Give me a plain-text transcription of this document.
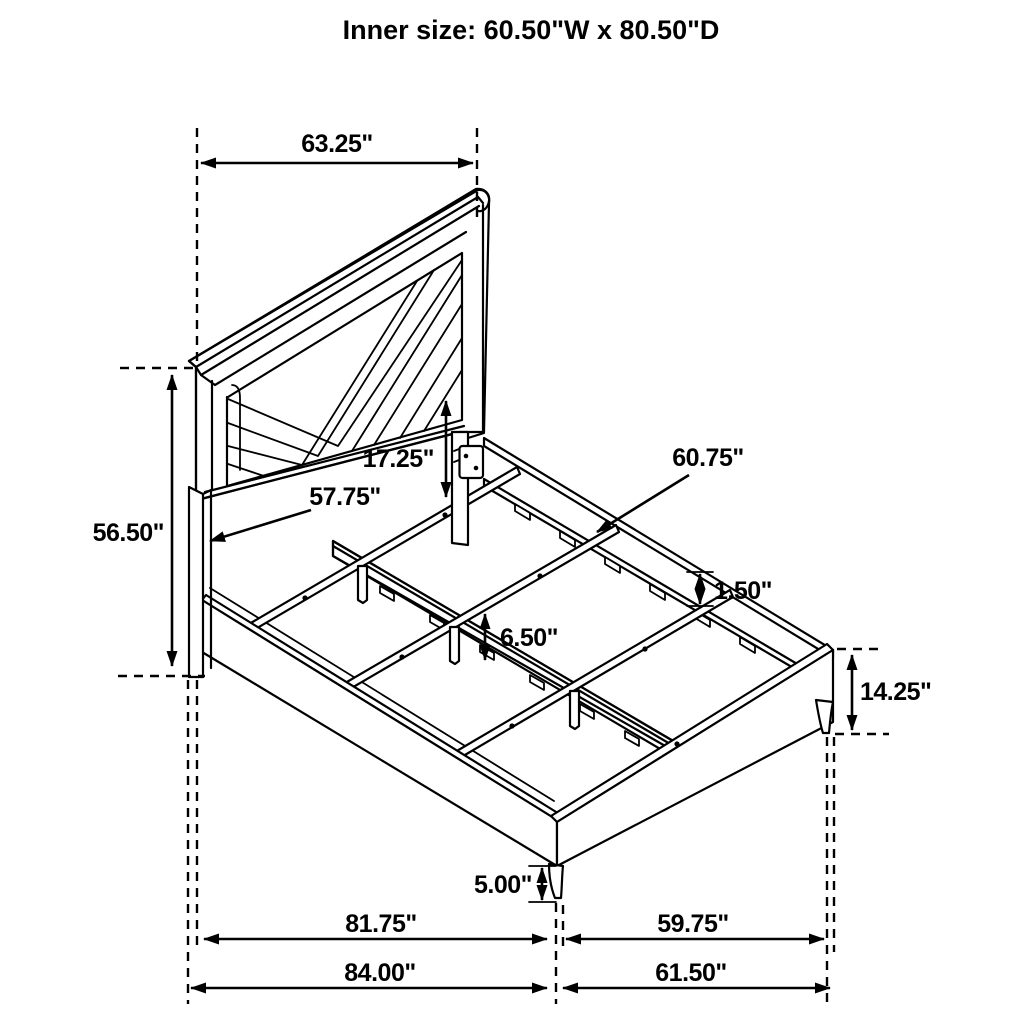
Inner size: 60.50"W x 80.50"D
63.25"
56.50"
17.25"
57.75"
60.75"
1.50"
6.50"
14.25"
5.00"
81.75"	59.75"
84.00"	61.50"
